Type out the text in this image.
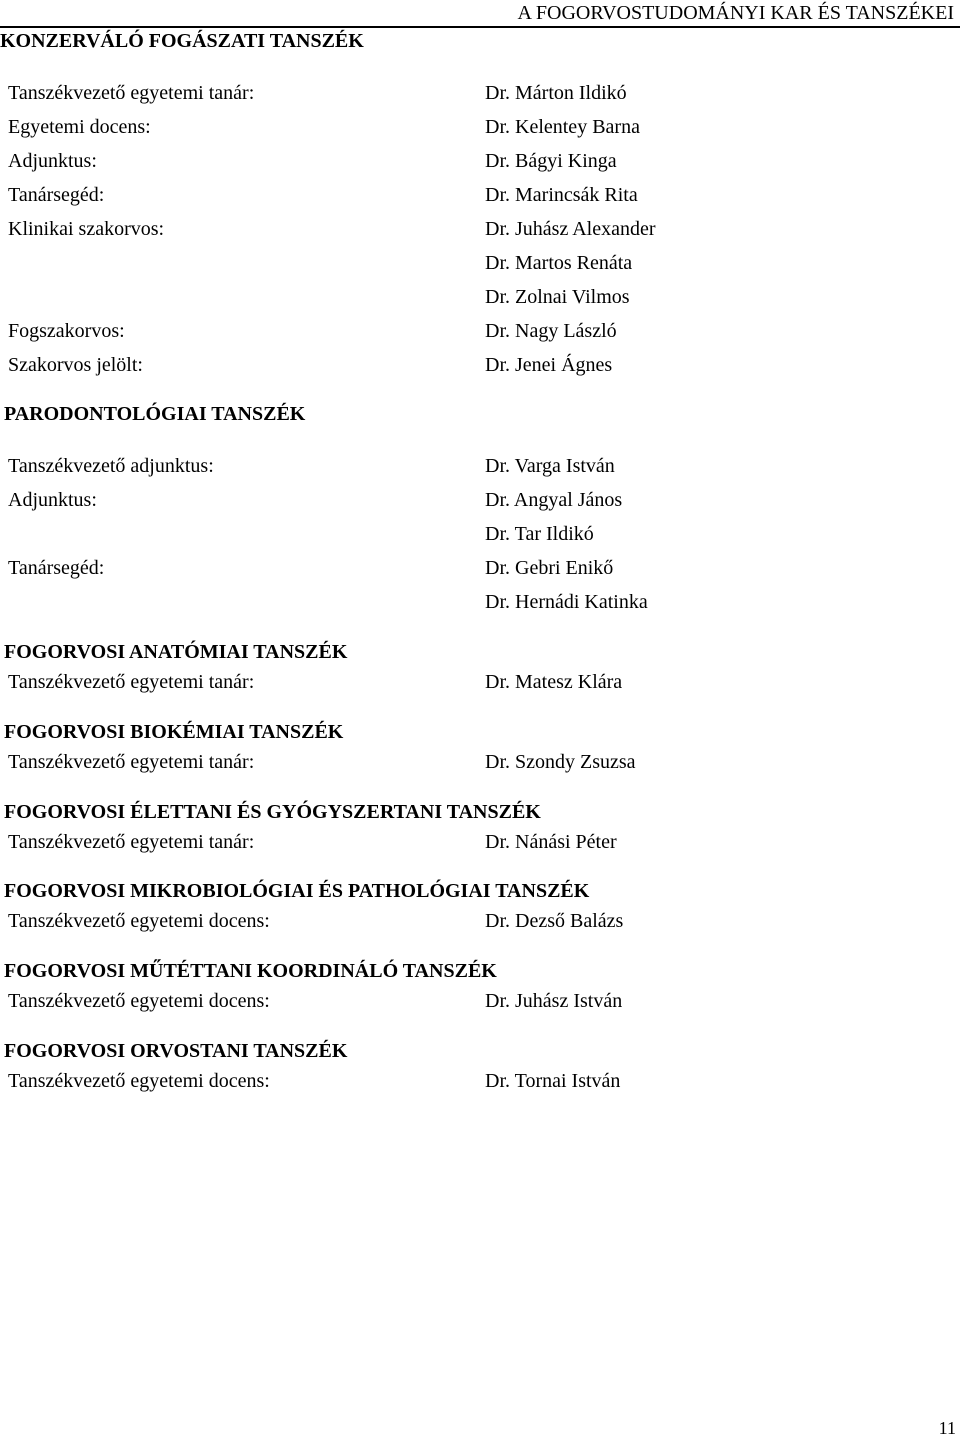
A FOGORVOSTUDOMÁNYI KAR ÉS TANSZÉKEI
KONZERVÁLÓ FOGÁSZATI TANSZÉK
Tanszékvezető egyetemi tanár:	Dr. Márton Ildikó
Egyetemi docens:	Dr. Kelentey Barna
Adjunktus:	Dr. Bágyi Kinga
Tanársegéd:	Dr. Marincsák Rita
Klinikai szakorvos:	Dr. Juhász Alexander
Dr. Martos Renáta
Dr. Zolnai Vilmos
Fogszakorvos:	Dr. Nagy László
Szakorvos jelölt:	Dr. Jenei Ágnes
PARODONTOLÓGIAI TANSZÉK
Tanszékvezető adjunktus:	Dr. Varga István
Adjunktus:	Dr. Angyal János
Dr. Tar Ildikó
Tanársegéd:	Dr. Gebri Enikő
Dr. Hernádi Katinka
FOGORVOSI ANATÓMIAI TANSZÉK
Tanszékvezető egyetemi tanár:	Dr. Matesz Klára
FOGORVOSI BIOKÉMIAI TANSZÉK
Tanszékvezető egyetemi tanár:	Dr. Szondy Zsuzsa
FOGORVOSI ÉLETTANI ÉS GYÓGYSZERTANI TANSZÉK
Tanszékvezető egyetemi tanár:	Dr. Nánási Péter
FOGORVOSI MIKROBIOLÓGIAI ÉS PATHOLÓGIAI TANSZÉK
Tanszékvezető egyetemi docens:	Dr. Dezső Balázs
FOGORVOSI MŰTÉTTANI KOORDINÁLÓ TANSZÉK
Tanszékvezető egyetemi docens:	Dr. Juhász István
FOGORVOSI ORVOSTANI TANSZÉK
Tanszékvezető egyetemi docens:	Dr. Tornai István
11
